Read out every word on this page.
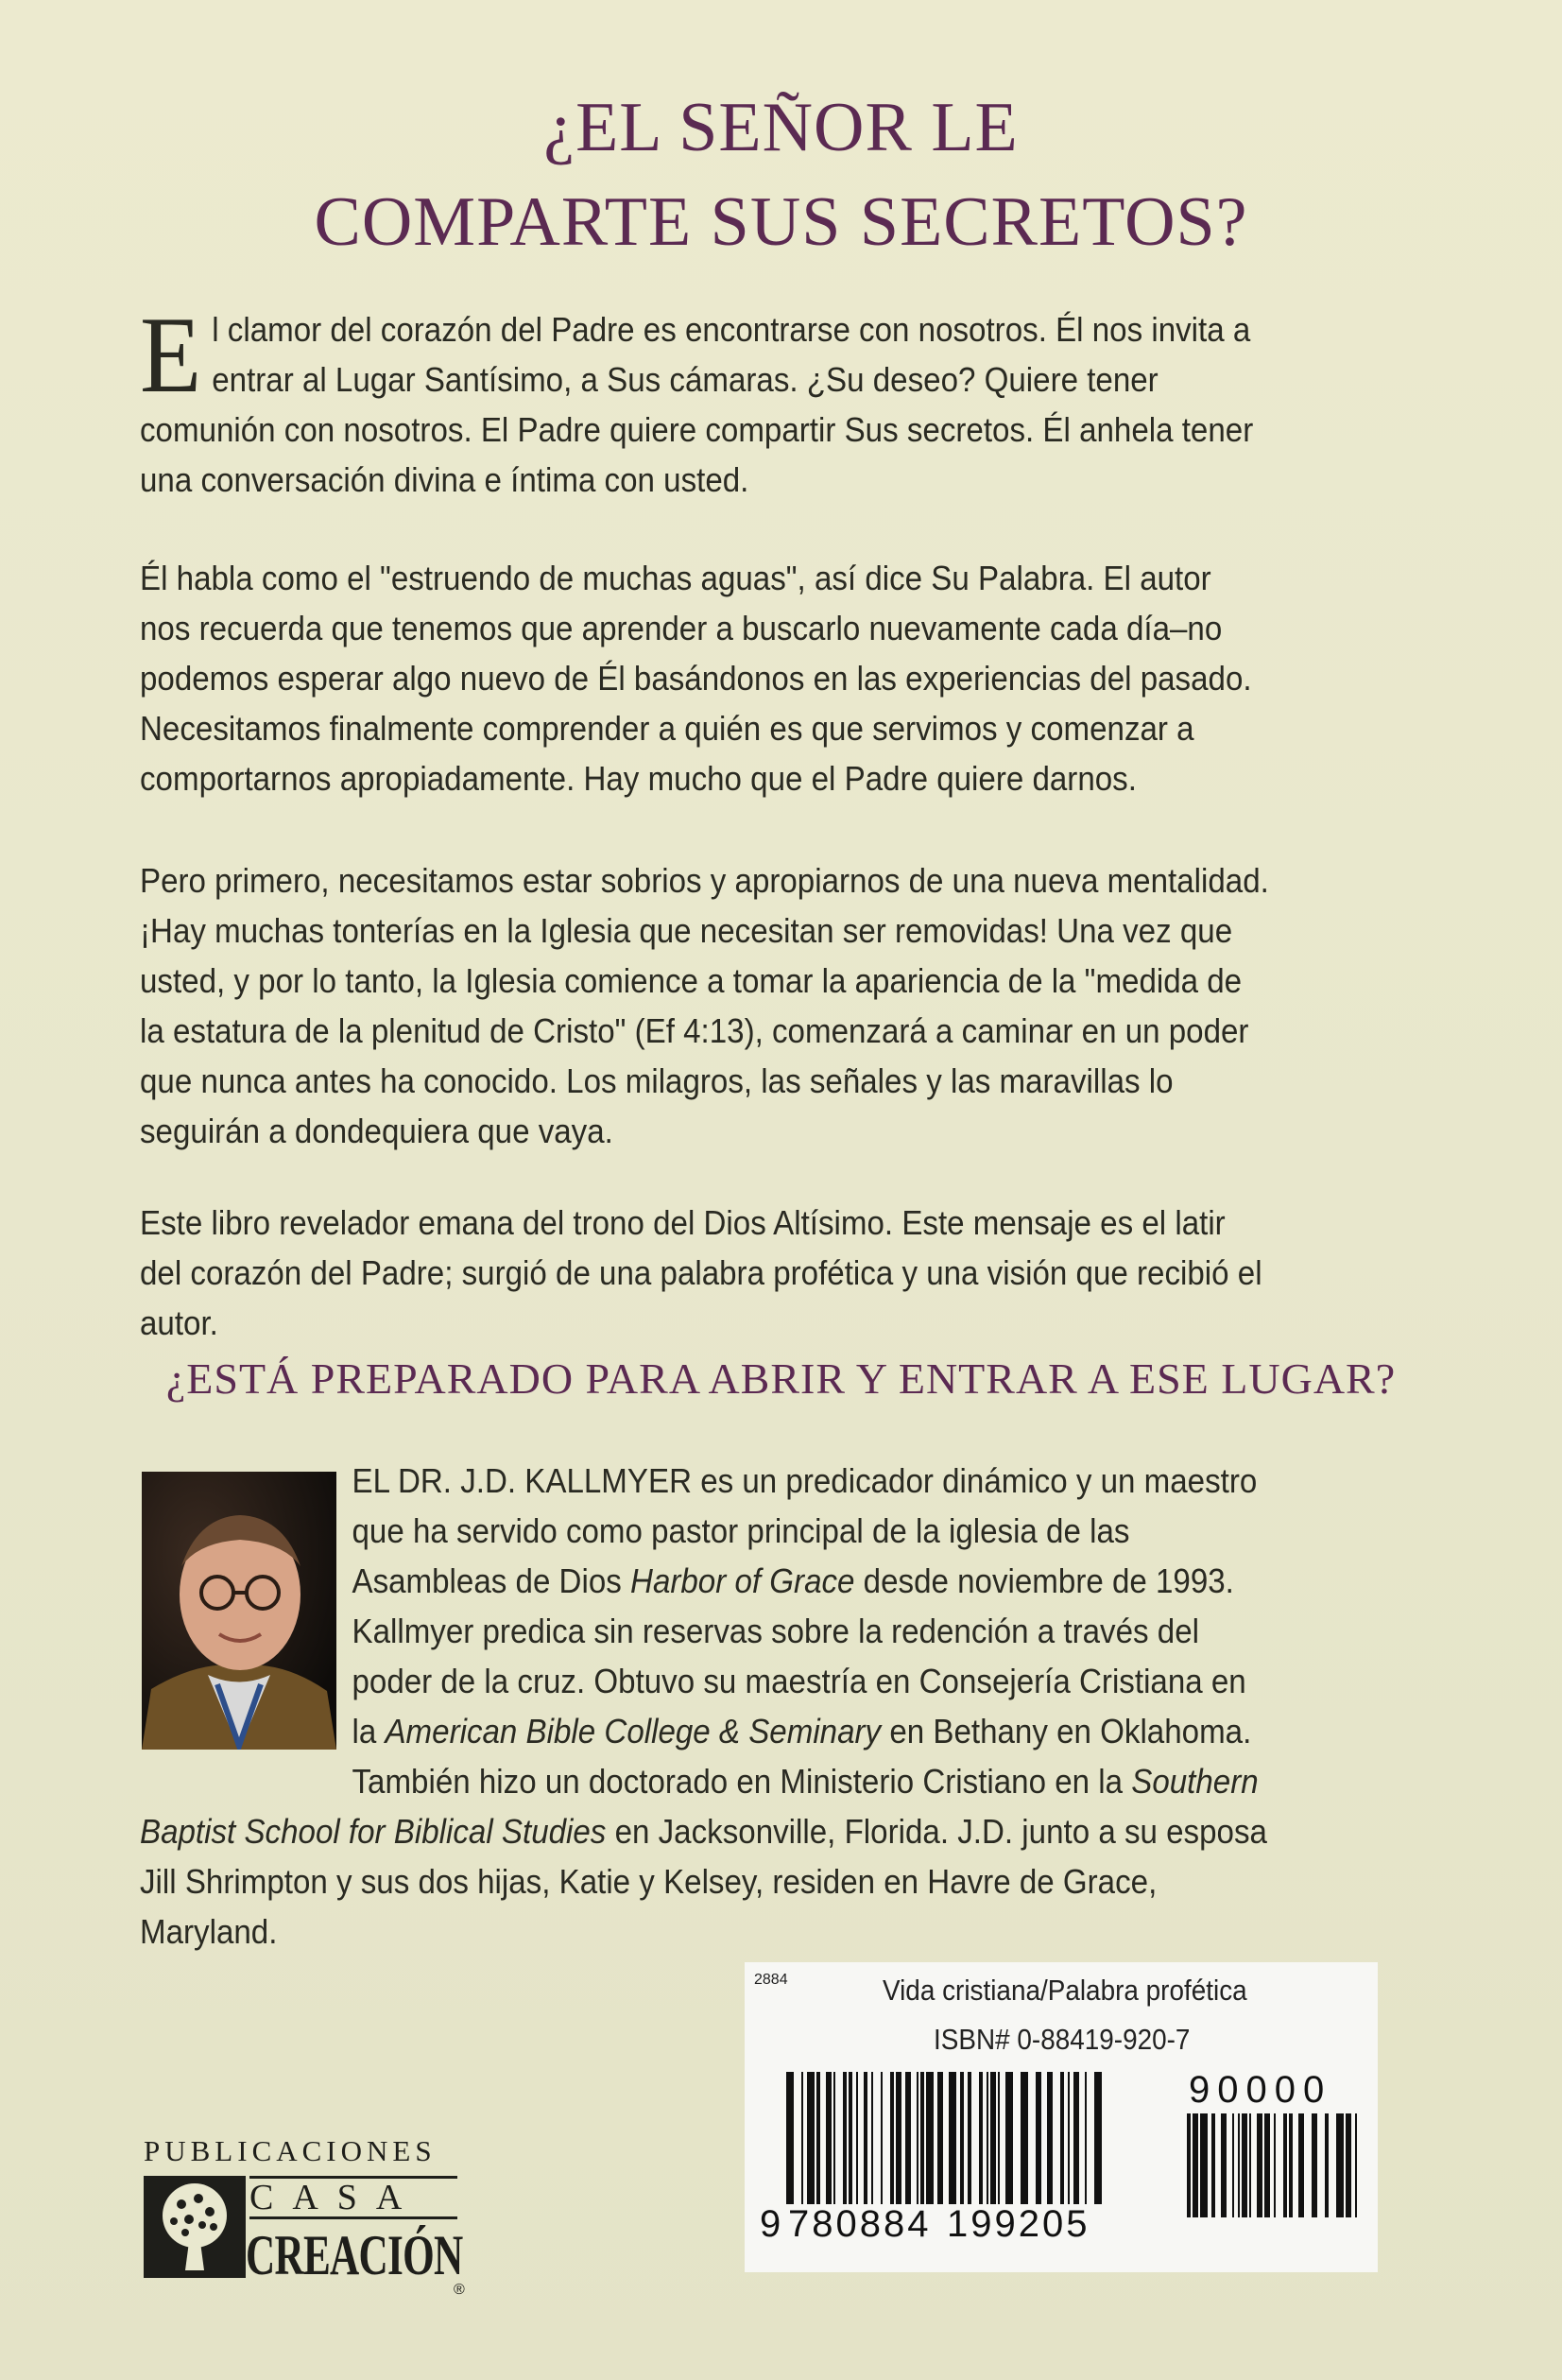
¿EL SEÑOR LE
COMPARTE SUS SECRETOS?
El clamor del corazón del Padre es encontrarse con nosotros. Él nos invita a entrar al Lugar Santísimo, a Sus cámaras. ¿Su deseo? Quiere tener comunión con nosotros. El Padre quiere compartir Sus secretos. Él anhela tener una conversación divina e íntima con usted.
Él habla como el "estruendo de muchas aguas", así dice Su Palabra. El autor nos recuerda que tenemos que aprender a buscarlo nuevamente cada día–no podemos esperar algo nuevo de Él basándonos en las experiencias del pasado. Necesitamos finalmente comprender a quién es que servimos y comenzar a comportarnos apropiadamente. Hay mucho que el Padre quiere darnos.
Pero primero, necesitamos estar sobrios y apropiarnos de una nueva mentalidad. ¡Hay muchas tonterías en la Iglesia que necesitan ser removidas! Una vez que usted, y por lo tanto, la Iglesia comience a tomar la apariencia de la "medida de la estatura de la plenitud de Cristo" (Ef 4:13), comenzará a caminar en un poder que nunca antes ha conocido. Los milagros, las señales y las maravillas lo seguirán a dondequiera que vaya.
Este libro revelador emana del trono del Dios Altísimo. Este mensaje es el latir del corazón del Padre; surgió de una palabra profética y una visión que recibió el autor.
¿ESTÁ PREPARADO PARA ABRIR Y ENTRAR A ESE LUGAR?
EL DR. J.D. KALLMYER es un predicador dinámico y un maestro que ha servido como pastor principal de la iglesia de las Asambleas de Dios Harbor of Grace desde noviembre de 1993. Kallmyer predica sin reservas sobre la redención a través del poder de la cruz. Obtuvo su maestría en Consejería Cristiana en la American Bible College & Seminary en Bethany en Oklahoma. También hizo un doctorado en Ministerio Cristiano en la Southern Baptist School for Biblical Studies en Jacksonville, Florida. J.D. junto a su esposa Jill Shrimpton y sus dos hijas, Katie y Kelsey, residen en Havre de Grace, Maryland.
PUBLICACIONES
CASA
CREACIÓN
®
2884	Vida cristiana/Palabra profética
ISBN# 0-88419-920-7
9 780884 199205
90000
